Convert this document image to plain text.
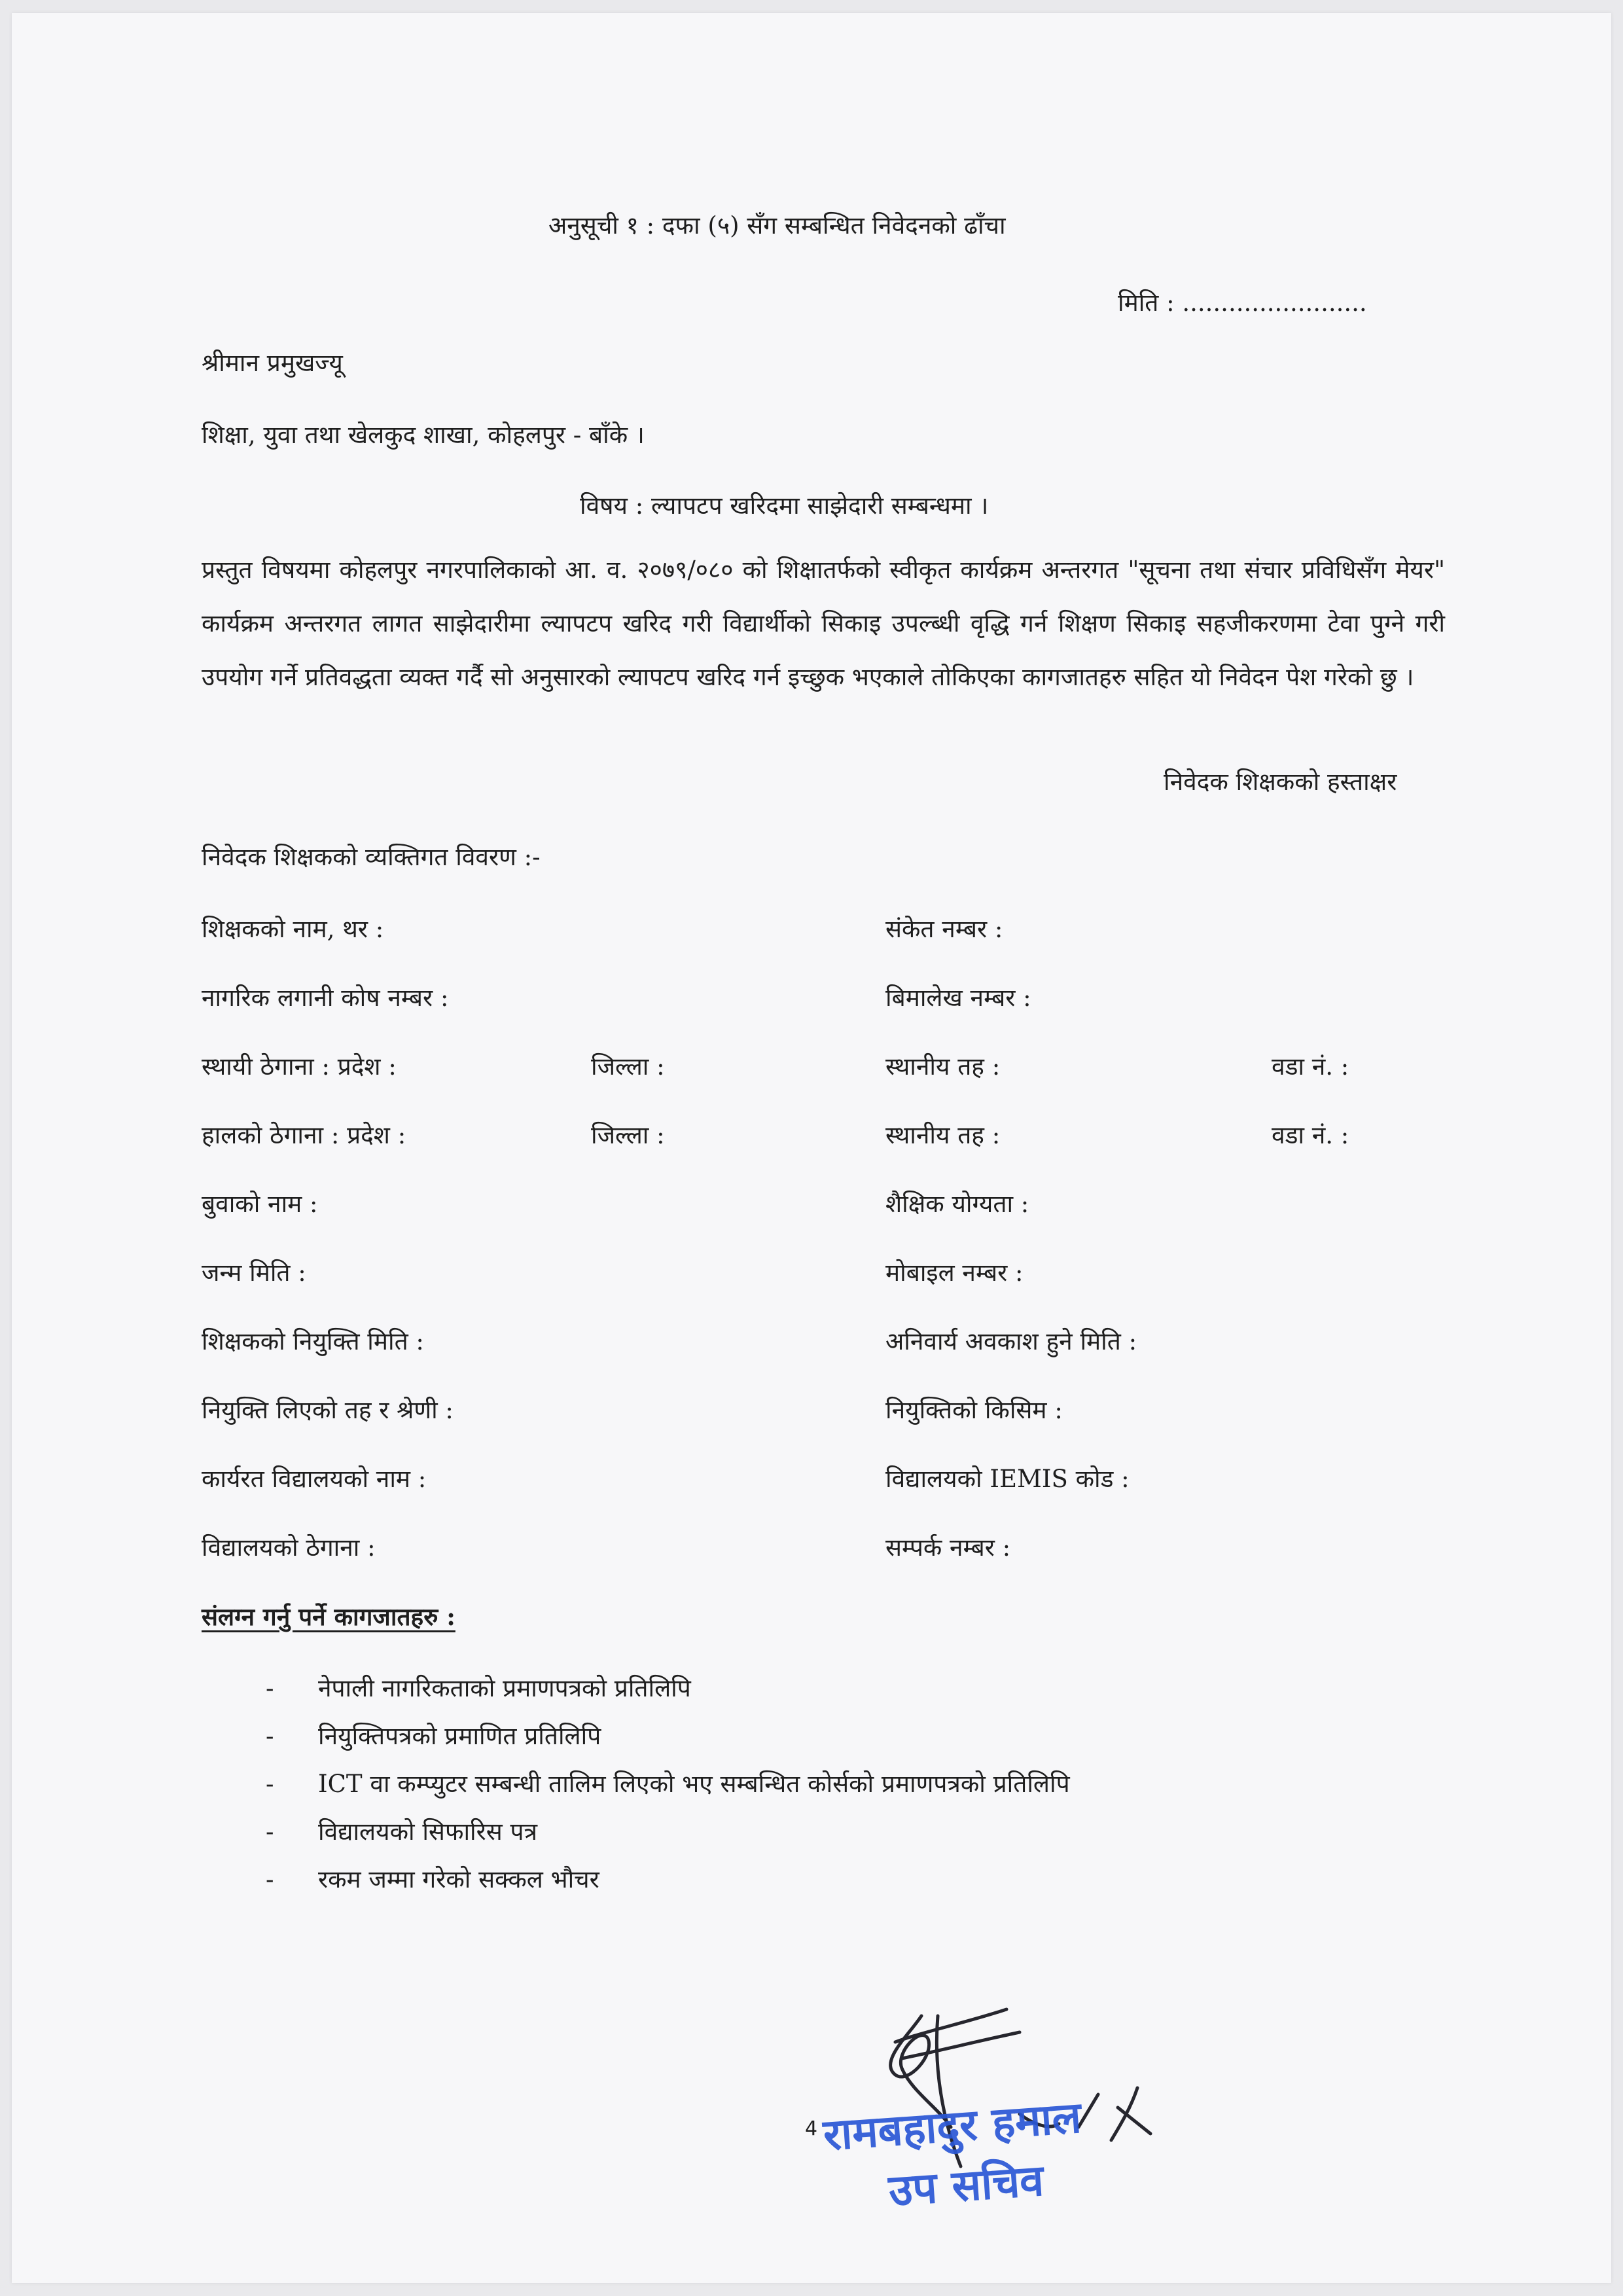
अनुसूची १ : दफा (५) सँग सम्बन्धित निवेदनको ढाँचा
मिति : ........................
श्रीमान प्रमुखज्यू
शिक्षा, युवा तथा खेलकुद शाखा, कोहलपुर - बाँके ।
विषय : ल्यापटप खरिदमा साझेदारी सम्बन्धमा ।
प्रस्तुत विषयमा कोहलपुर नगरपालिकाको आ. व. २०७९/०८० को शिक्षातर्फको स्वीकृत कार्यक्रम अन्तरगत "सूचना तथा संचार प्रविधिसँग मेयर" कार्यक्रम अन्तरगत लागत साझेदारीमा ल्यापटप खरिद गरी विद्यार्थीको सिकाइ उपल्ब्धी वृद्धि गर्न शिक्षण सिकाइ सहजीकरणमा टेवा पुग्ने गरी उपयोग गर्ने प्रतिवद्धता व्यक्त गर्दै सो अनुसारको ल्यापटप खरिद गर्न इच्छुक भएकाले तोकिएका कागजातहरु सहित यो निवेदन पेश गरेको छु ।
निवेदक शिक्षकको हस्ताक्षर
निवेदक शिक्षकको व्यक्तिगत विवरण :-
शिक्षकको नाम, थर :	संकेत नम्बर :
नागरिक लगानी कोष नम्बर :	बिमालेख नम्बर :
स्थायी ठेगाना : प्रदेश :	जिल्ला :	स्थानीय तह :	वडा नं. :
हालको ठेगाना : प्रदेश :	जिल्ला :	स्थानीय तह :	वडा नं. :
बुवाको नाम :	शैक्षिक योग्यता :
जन्म मिति :	मोबाइल नम्बर :
शिक्षकको नियुक्ति मिति :	अनिवार्य अवकाश हुने मिति :
नियुक्ति लिएको तह र श्रेणी :	नियुक्तिको किसिम :
कार्यरत विद्यालयको नाम :	विद्यालयको IEMIS कोड :
विद्यालयको ठेगाना :	सम्पर्क नम्बर :
संलग्न गर्नु पर्ने कागजातहरु :
- नेपाली नागरिकताको प्रमाणपत्रको प्रतिलिपि
- नियुक्तिपत्रको प्रमाणित प्रतिलिपि
- ICT वा कम्प्युटर सम्बन्धी तालिम लिएको भए सम्बन्धित कोर्सको प्रमाणपत्रको प्रतिलिपि
- विद्यालयको सिफारिस पत्र
- रकम जम्मा गरेको सक्कल भौचर
4 रामबहादुर हमाल
उप सचिव
